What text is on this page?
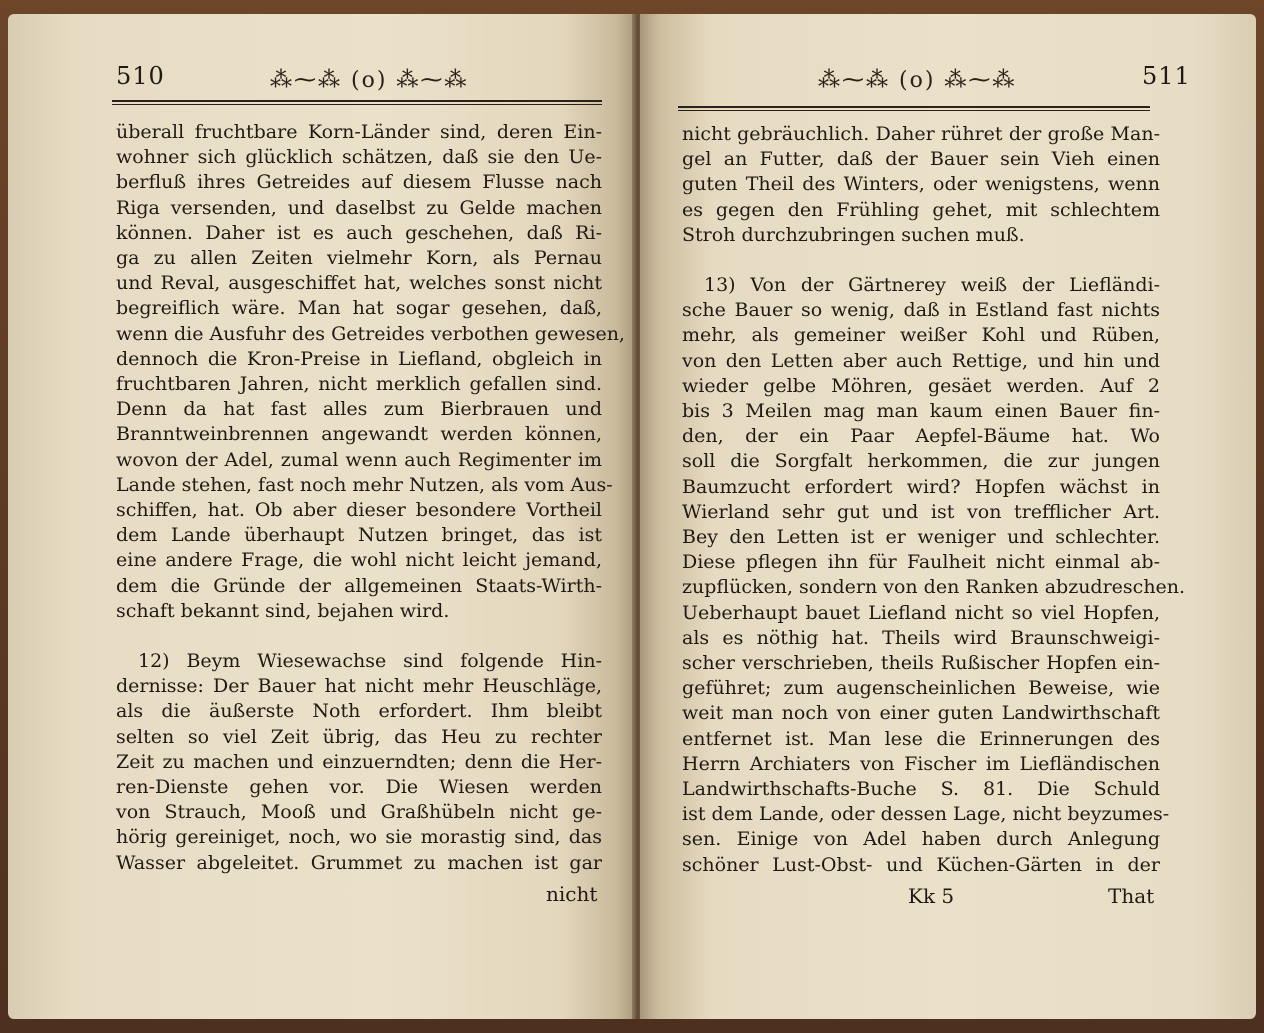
510	⁂⁓⁂ (o) ⁂⁓⁂
überall fruchtbare Korn-Länder sind, deren Ein-
wohner sich glücklich schätzen, daß sie den Ue-
berfluß ihres Getreides auf diesem Flusse nach
Riga versenden, und daselbst zu Gelde machen
können. Daher ist es auch geschehen, daß Ri-
ga zu allen Zeiten vielmehr Korn, als Pernau
und Reval, ausgeschiffet hat, welches sonst nicht
begreiflich wäre. Man hat sogar gesehen, daß,
wenn die Ausfuhr des Getreides verbothen gewesen,
dennoch die Kron-Preise in Liefland, obgleich in
fruchtbaren Jahren, nicht merklich gefallen sind.
Denn da hat fast alles zum Bierbrauen und
Branntweinbrennen angewandt werden können,
wovon der Adel, zumal wenn auch Regimenter im
Lande stehen, fast noch mehr Nutzen, als vom Aus-
schiffen, hat. Ob aber dieser besondere Vortheil
dem Lande überhaupt Nutzen bringet, das ist
eine andere Frage, die wohl nicht leicht jemand,
dem die Gründe der allgemeinen Staats-Wirth-
schaft bekannt sind, bejahen wird.
12) Beym Wiesewachse sind folgende Hin-
dernisse: Der Bauer hat nicht mehr Heuschläge,
als die äußerste Noth erfordert. Ihm bleibt
selten so viel Zeit übrig, das Heu zu rechter
Zeit zu machen und einzuerndten; denn die Her-
ren-Dienste gehen vor. Die Wiesen werden
von Strauch, Mooß und Graßhübeln nicht ge-
hörig gereiniget, noch, wo sie morastig sind, das
Wasser abgeleitet. Grummet zu machen ist gar
nicht
⁂⁓⁂ (o) ⁂⁓⁂	511
nicht gebräuchlich. Daher rühret der große Man-
gel an Futter, daß der Bauer sein Vieh einen
guten Theil des Winters, oder wenigstens, wenn
es gegen den Frühling gehet, mit schlechtem
Stroh durchzubringen suchen muß.
13) Von der Gärtnerey weiß der Liefländi-
sche Bauer so wenig, daß in Estland fast nichts
mehr, als gemeiner weißer Kohl und Rüben,
von den Letten aber auch Rettige, und hin und
wieder gelbe Möhren, gesäet werden. Auf 2
bis 3 Meilen mag man kaum einen Bauer fin-
den, der ein Paar Aepfel-Bäume hat. Wo
soll die Sorgfalt herkommen, die zur jungen
Baumzucht erfordert wird? Hopfen wächst in
Wierland sehr gut und ist von trefflicher Art.
Bey den Letten ist er weniger und schlechter.
Diese pflegen ihn für Faulheit nicht einmal ab-
zupflücken, sondern von den Ranken abzudreschen.
Ueberhaupt bauet Liefland nicht so viel Hopfen,
als es nöthig hat. Theils wird Braunschweigi-
scher verschrieben, theils Rußischer Hopfen ein-
geführet; zum augenscheinlichen Beweise, wie
weit man noch von einer guten Landwirthschaft
entfernet ist. Man lese die Erinnerungen des
Herrn Archiaters von Fischer im Liefländischen
Landwirthschafts-Buche S. 81. Die Schuld
ist dem Lande, oder dessen Lage, nicht beyzumes-
sen. Einige von Adel haben durch Anlegung
schöner Lust-Obst- und Küchen-Gärten in der
Kk 5	That
